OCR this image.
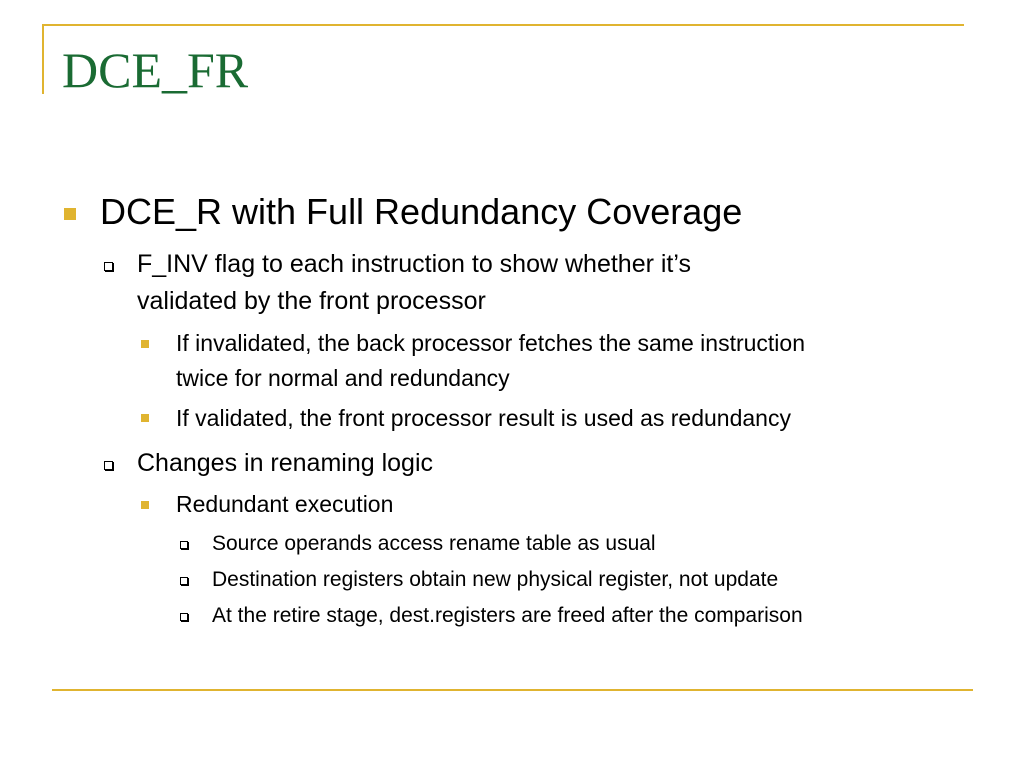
DCE_FR
DCE_R with Full Redundancy Coverage
F_INV flag to each instruction to show whether it’s
validated by the front processor
If invalidated, the back processor fetches the same instruction
twice for normal and redundancy
If validated, the front processor result is used as redundancy
Changes in renaming logic
Redundant execution
Source operands access rename table as usual
Destination registers obtain new physical register, not update
At the retire stage, dest.registers are freed after the comparison
